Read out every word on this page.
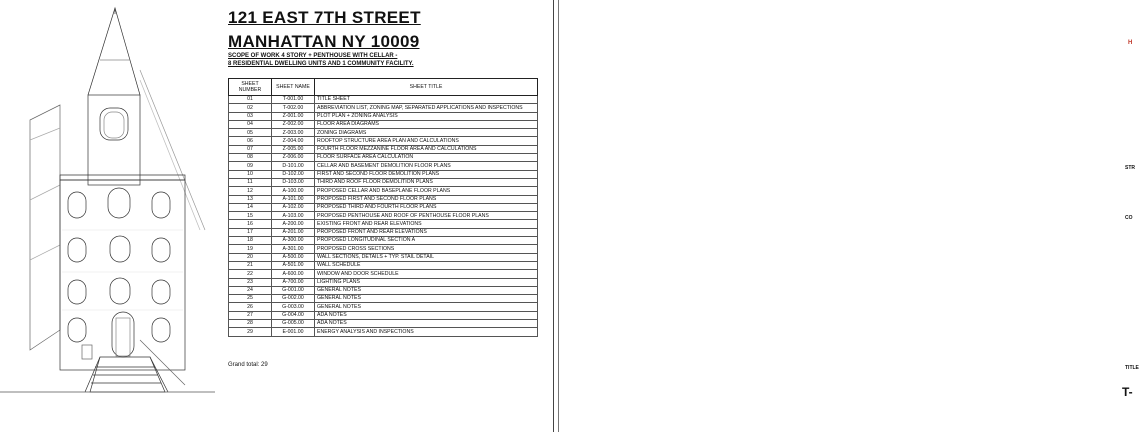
121 EAST 7TH STREET
MANHATTAN NY 10009
SCOPE OF WORK 4 STORY + PENTHOUSE WITH CELLAR -
8 RESIDENTIAL DWELLING UNITS AND 1 COMMUNITY FACILITY.
SHEET NUMBER	SHEET NAME	SHEET TITLE
01	T-001.00	TITLE SHEET
02	T-002.00	ABBREVIATION LIST, ZONING MAP, SEPARATED APPLICATIONS AND INSPECTIONS
03	Z-001.00	PLOT PLAN + ZONING ANALYSIS
04	Z-002.00	FLOOR AREA DIAGRAMS
05	Z-003.00	ZONING DIAGRAMS
06	Z-004.00	ROOFTOP STRUCTURE AREA PLAN AND CALCULATIONS
07	Z-005.00	FOURTH FLOOR MEZZANINE FLOOR AREA AND CALCULATIONS
08	Z-006.00	FLOOR SURFACE AREA CALCULATION
09	D-101.00	CELLAR AND BASEMENT DEMOLITION FLOOR PLANS
10	D-102.00	FIRST AND SECOND FLOOR DEMOLITION PLANS
11	D-103.00	THIRD AND ROOF FLOOR DEMOLITION PLANS
12	A-100.00	PROPOSED CELLAR AND BASEPLANE FLOOR PLANS
13	A-101.00	PROPOSED FIRST AND SECOND FLOOR PLANS
14	A-102.00	PROPOSED THIRD AND FOURTH FLOOR PLANS
15	A-103.00	PROPOSED PENTHOUSE AND ROOF OF PENTHOUSE FLOOR PLANS
16	A-200.00	EXISTING FRONT AND REAR ELEVATIONS
17	A-201.00	PROPOSED FRONT AND REAR ELEVATIONS
18	A-300.00	PROPOSED LONGITUDINAL SECTION A
19	A-301.00	PROPOSED CROSS SECTIONS
20	A-500.00	WALL SECTIONS, DETAILS + TYP. STAIL DETAIL
21	A-501.00	WALL SCHEDULE
22	A-600.00	WINDOW AND DOOR SCHEDULE
23	A-700.00	LIGHTING PLANS
24	G-001.00	GENERAL NOTES
25	G-002.00	GENERAL NOTES
26	G-003.00	GENERAL NOTES
27	G-004.00	ADA NOTES
28	G-005.00	ADA NOTES
29	E-001.00	ENERGY ANALYSIS AND INSPECTIONS
Grand total: 29
H
STR
CO
TITLE
T-
